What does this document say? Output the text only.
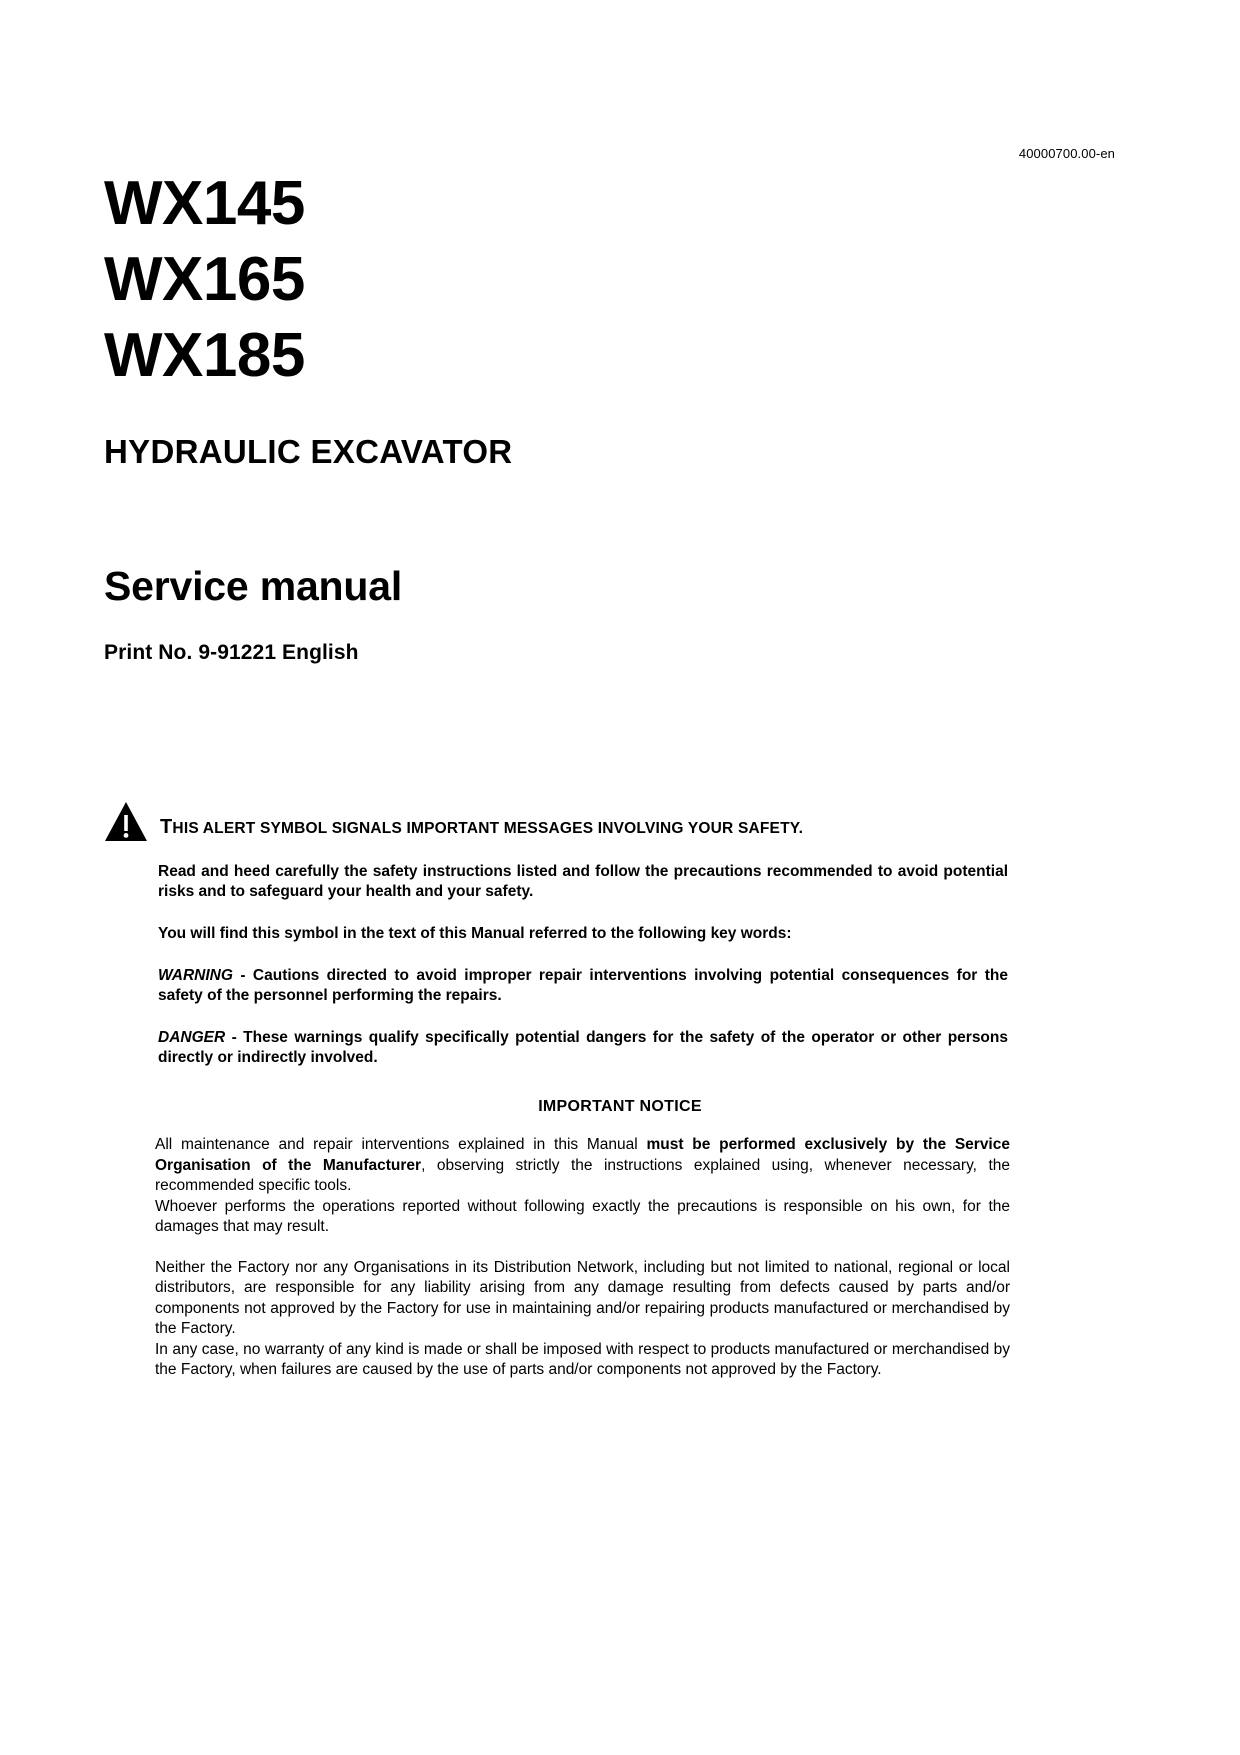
40000700.00-en
WX145
WX165
WX185
HYDRAULIC EXCAVATOR
Service manual
Print No. 9-91221 English
THIS ALERT SYMBOL SIGNALS IMPORTANT MESSAGES INVOLVING YOUR SAFETY.

Read and heed carefully the safety instructions listed and follow the precautions recommended to avoid potential risks and to safeguard your health and your safety.

You will find this symbol in the text of this Manual referred to the following key words:

WARNING - Cautions directed to avoid improper repair interventions involving potential consequences for the safety of the personnel performing the repairs.

DANGER - These warnings qualify specifically potential dangers for the safety of the operator or other persons directly or indirectly involved.

IMPORTANT NOTICE

All maintenance and repair interventions explained in this Manual must be performed exclusively by the Service Organisation of the Manufacturer, observing strictly the instructions explained using, whenever necessary, the recommended specific tools.

Whoever performs the operations reported without following exactly the precautions is responsible on his own, for the damages that may result.

Neither the Factory nor any Organisations in its Distribution Network, including but not limited to national, regional or local distributors, are responsible for any liability arising from any damage resulting from defects caused by parts and/or components not approved by the Factory for use in maintaining and/or repairing products manufactured or merchandised by the Factory.

In any case, no warranty of any kind is made or shall be imposed with respect to products manufactured or merchandised by the Factory, when failures are caused by the use of parts and/or components not approved by the Factory.
